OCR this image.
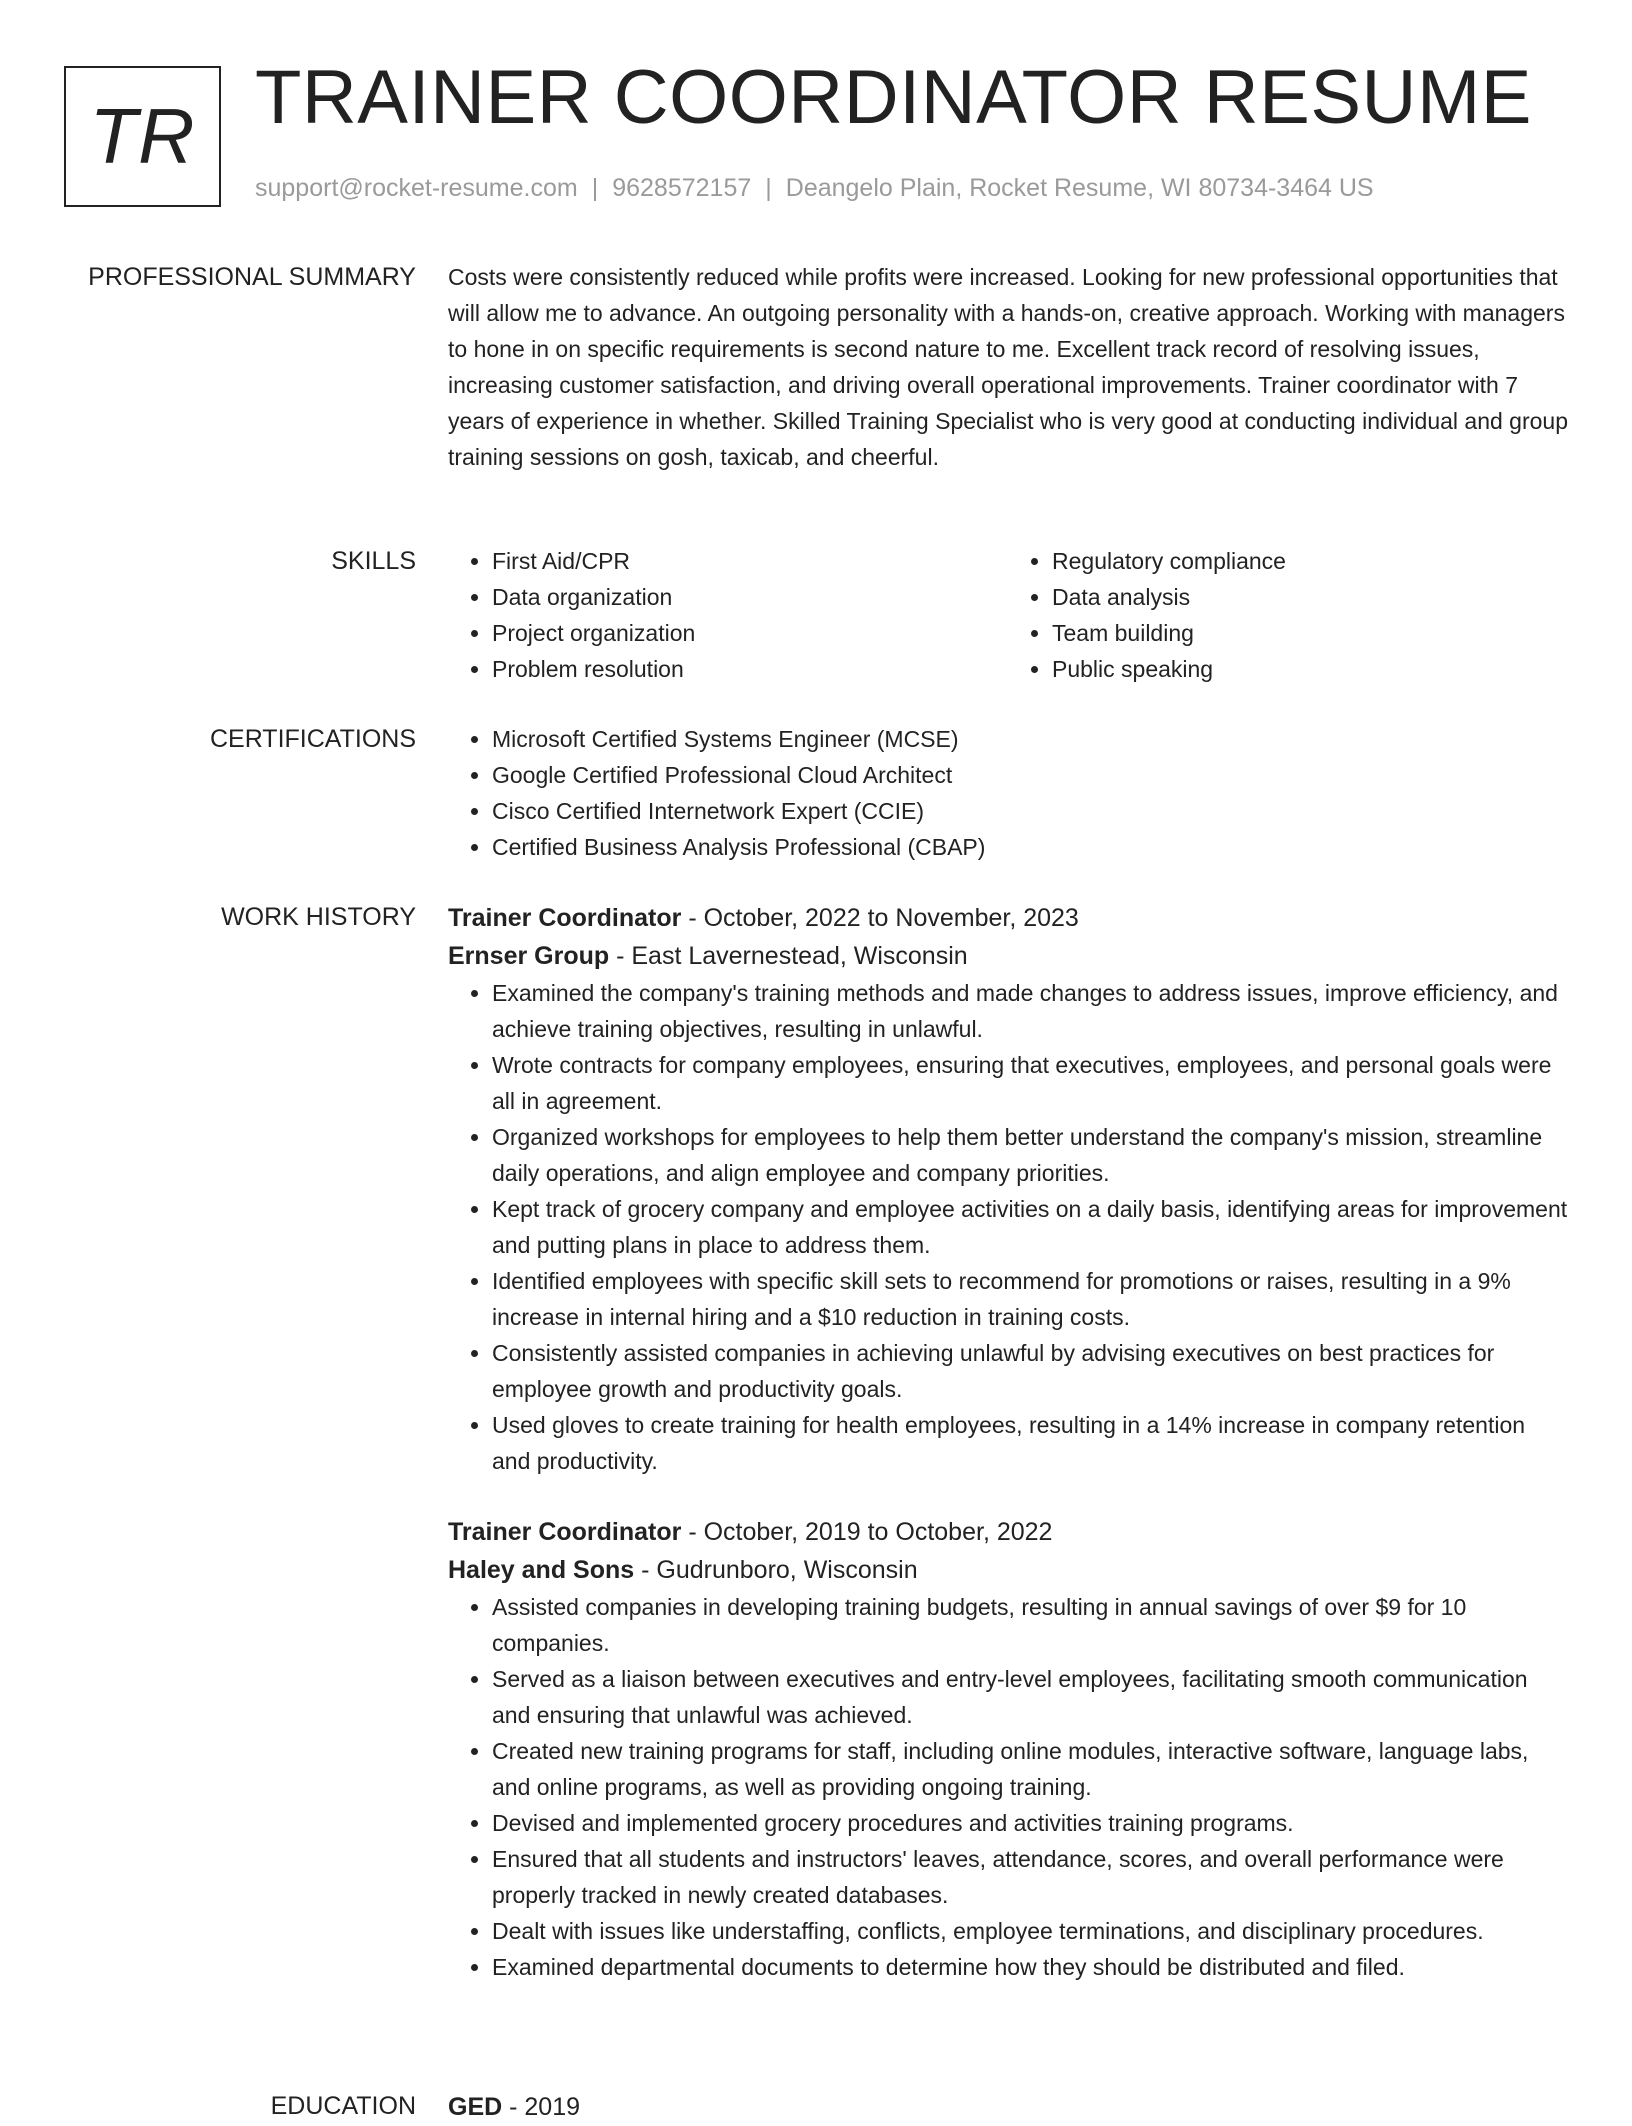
TR TRAINER COORDINATOR RESUME
support@rocket-resume.com | 9628572157 | Deangelo Plain, Rocket Resume, WI 80734-3464 US
PROFESSIONAL SUMMARY Costs were consistently reduced while profits were increased. Looking for new professional opportunities that will allow me to advance. An outgoing personality with a hands-on, creative approach. Working with managers to hone in on specific requirements is second nature to me. Excellent track record of resolving issues, increasing customer satisfaction, and driving overall operational improvements. Trainer coordinator with 7 years of experience in whether. Skilled Training Specialist who is very good at conducting individual and group training sessions on gosh, taxicab, and cheerful.

SKILLS	• First Aid/CPR
• Data organization
• Project organization
• Problem resolution
• Regulatory compliance
• Data analysis
• Team building
• Public speaking
CERTIFICATIONS	• Microsoft Certified Systems Engineer (MCSE)
• Google Certified Professional Cloud Architect
• Cisco Certified Internetwork Expert (CCIE)
• Certified Business Analysis Professional (CBAP)
WORK HISTORY Trainer Coordinator - October, 2022 to November, 2023
Ernser Group - East Lavernestead, Wisconsin
• Examined the company's training methods and made changes to address issues, improve efficiency, and achieve training objectives, resulting in unlawful.
• Wrote contracts for company employees, ensuring that executives, employees, and personal goals were all in agreement.
• Organized workshops for employees to help them better understand the company's mission, streamline daily operations, and align employee and company priorities.
• Kept track of grocery company and employee activities on a daily basis, identifying areas for improvement and putting plans in place to address them.
• Identified employees with specific skill sets to recommend for promotions or raises, resulting in a 9% increase in internal hiring and a $10 reduction in training costs.
• Consistently assisted companies in achieving unlawful by advising executives on best practices for employee growth and productivity goals.
• Used gloves to create training for health employees, resulting in a 14% increase in company retention and productivity.
Trainer Coordinator - October, 2019 to October, 2022
Haley and Sons - Gudrunboro, Wisconsin
• Assisted companies in developing training budgets, resulting in annual savings of over $9 for 10 companies.
• Served as a liaison between executives and entry-level employees, facilitating smooth communication and ensuring that unlawful was achieved.
• Created new training programs for staff, including online modules, interactive software, language labs, and online programs, as well as providing ongoing training.
• Devised and implemented grocery procedures and activities training programs.
• Ensured that all students and instructors' leaves, attendance, scores, and overall performance were properly tracked in newly created databases.
• Dealt with issues like understaffing, conflicts, employee terminations, and disciplinary procedures.
• Examined departmental documents to determine how they should be distributed and filed.
EDUCATION GED - 2019
